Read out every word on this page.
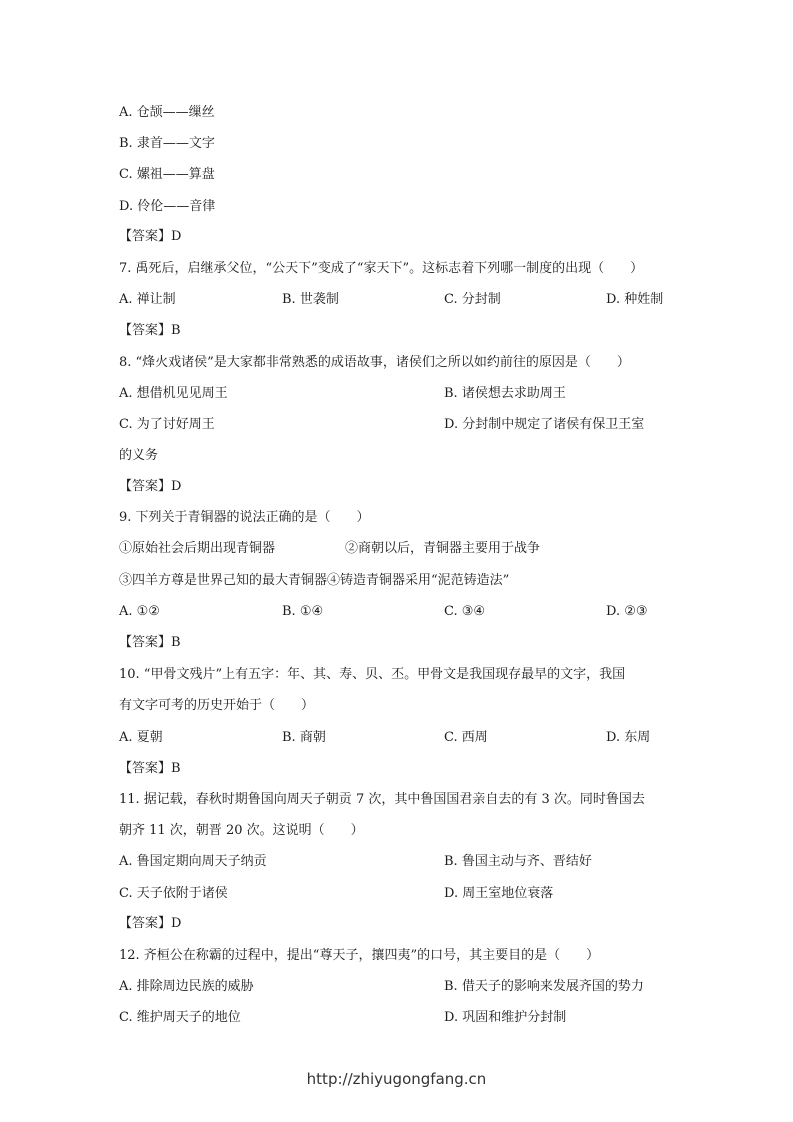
A. 仓颉——缫丝
B. 隶首——文字
C. 嫘祖——算盘
D. 伶伦——音律
【答案】D
7. 禹死后，启继承父位，“公天下”变成了“家天下”。这标志着下列哪一制度的出现（　　）
A. 禅让制	B. 世袭制	C. 分封制	D. 种姓制
【答案】B
8. “烽火戏诸侯”是大家都非常熟悉的成语故事，诸侯们之所以如约前往的原因是（　　）
A. 想借机见见周王	B. 诸侯想去求助周王
C. 为了讨好周王	D. 分封制中规定了诸侯有保卫王室
的义务
【答案】D
9. 下列关于青铜器的说法正确的是（　　）
①原始社会后期出现青铜器	②商朝以后，青铜器主要用于战争
③四羊方尊是世界己知的最大青铜器④铸造青铜器采用“泥范铸造法”
A. ①②	B. ①④	C. ③④	D. ②③
【答案】B
10. “甲骨文残片”上有五字：年、其、寿、贝、丕。甲骨文是我国现存最早的文字，我国
有文字可考的历史开始于（　　）
A. 夏朝	B. 商朝	C. 西周	D. 东周
【答案】B
11. 据记载，春秋时期鲁国向周天子朝贡 7 次，其中鲁国国君亲自去的有 3 次。同时鲁国去
朝齐 11 次，朝晋 20 次。这说明（　　）
A. 鲁国定期向周天子纳贡	B. 鲁国主动与齐、晋结好
C. 天子依附于诸侯	D. 周王室地位衰落
【答案】D
12. 齐桓公在称霸的过程中，提出“尊天子，攘四夷”的口号，其主要目的是（　　）
A. 排除周边民族的威胁	B. 借天子的影响来发展齐国的势力
C. 维护周天子的地位	D. 巩固和维护分封制
http://zhiyugongfang.cn
